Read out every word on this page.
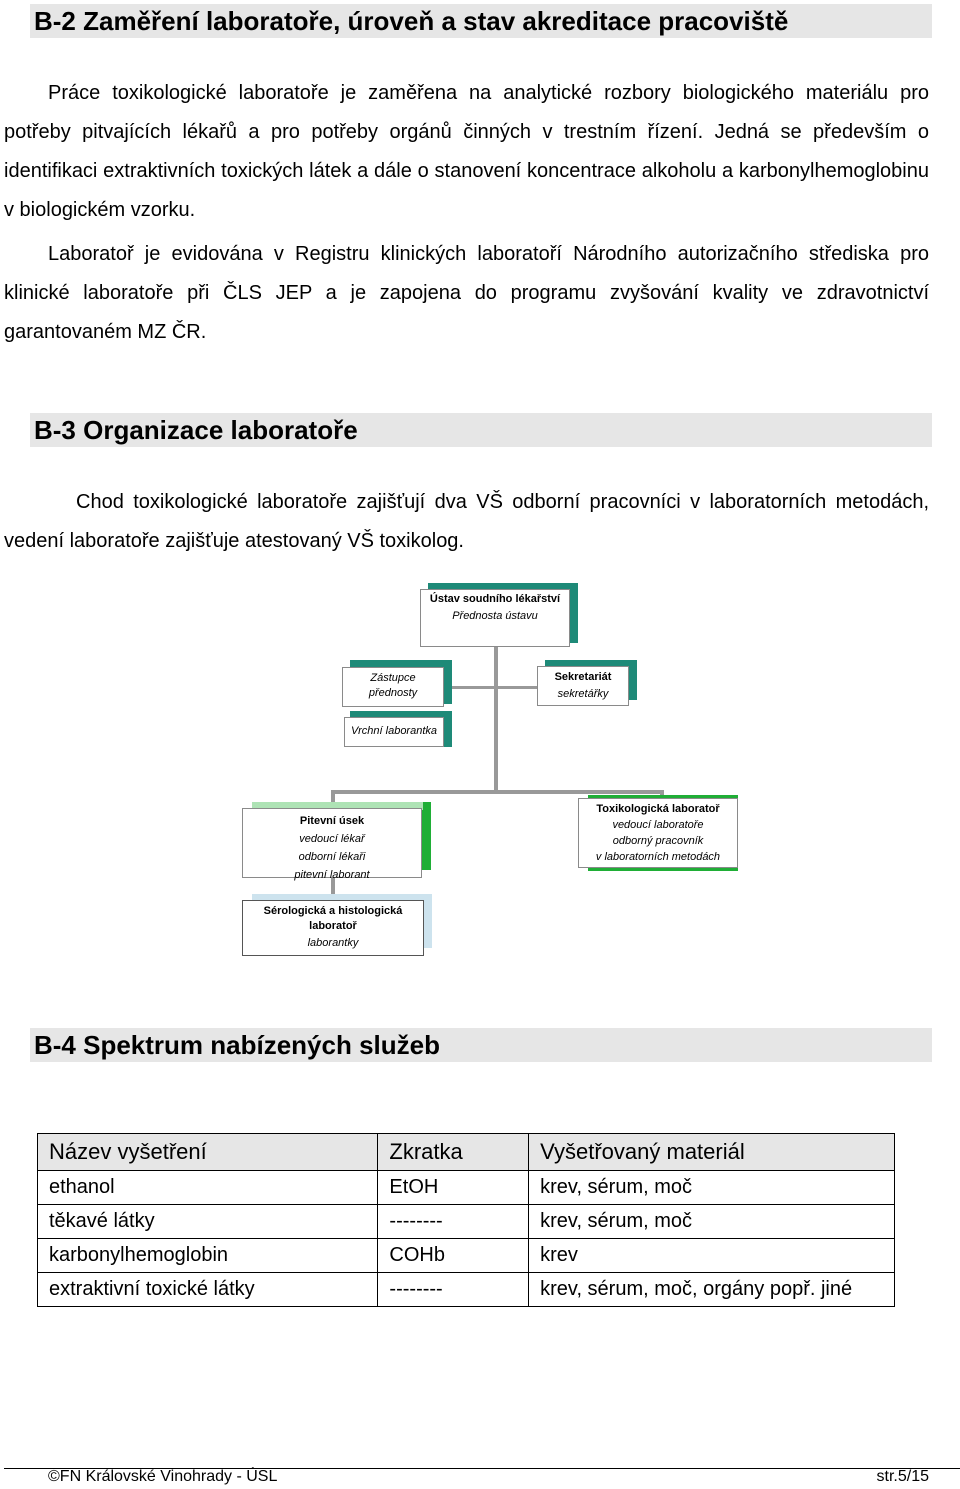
B-2 Zaměření laboratoře, úroveň a stav akreditace pracoviště

Práce toxikologické laboratoře je zaměřena na analytické rozbory biologického materiálu pro potřeby pitvajících lékařů a pro potřeby orgánů činných v trestním řízení. Jedná se především o identifikaci extraktivních toxických látek a dále o stanovení koncentrace alkoholu a karbonylhemoglobinu v biologickém vzorku.

Laboratoř je evidována v Registru klinických laboratoří Národního autorizačního střediska pro klinické laboratoře při ČLS JEP a je zapojena do programu zvyšování kvality ve zdravotnictví garantovaném MZ ČR.

B-3 Organizace laboratoře

Chod toxikologické laboratoře zajišťují dva VŠ odborní pracovníci v laboratorních metodách, vedení laboratoře zajišťuje atestovaný VŠ toxikolog.

Ústav soudního lékařství
Přednosta ústavu
Zástupce
přednosty
Sekretariát
sekretářky
Vrchní laborantka
Pitevní úsek
vedoucí lékař
odborní lékaři
pitevní laborant
Toxikologická laboratoř
vedoucí laboratoře
odborný pracovník
v laboratorních metodách
Sérologická a histologická
laboratoř
laborantky
B-4 Spektrum nabízených služeb
Název vyšetření	Zkratka	Vyšetřovaný materiál
ethanol	EtOH	krev, sérum, moč
těkavé látky	--------	krev, sérum, moč
karbonylhemoglobin	COHb	krev
extraktivní toxické látky	--------	krev, sérum, moč, orgány popř. jiné
©FN Královské Vinohrady - ÚSL	str.5/15
